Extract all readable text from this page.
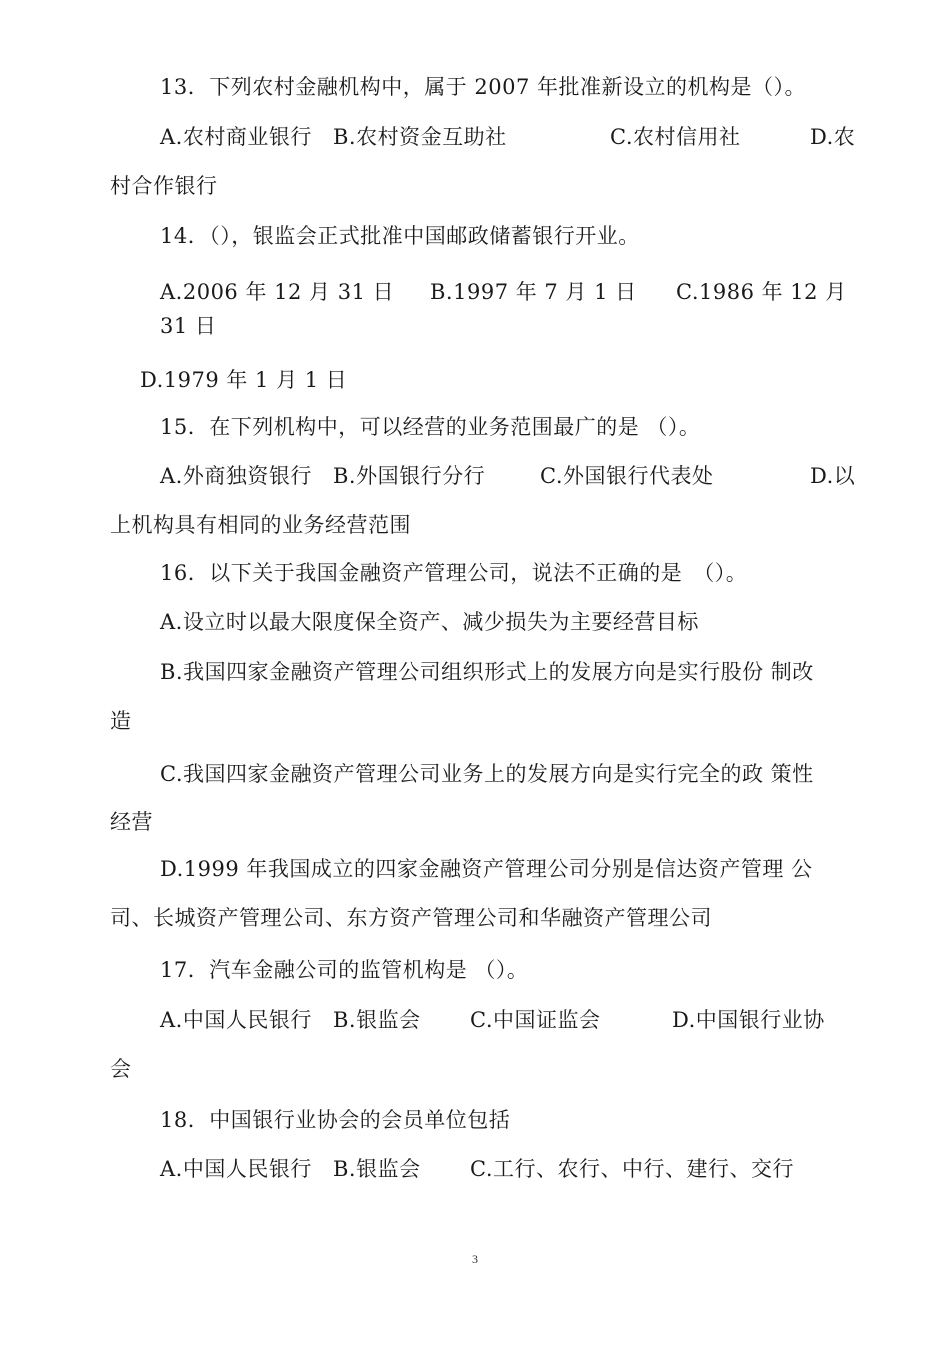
13．下列农村金融机构中，属于 2007 年批准新设立的机构是（）。
A.农村商业银行 B.农村资金互助社	C.农村信用社	D.农
村合作银行
14．（），银监会正式批准中国邮政储蓄银行开业。
A.2006 年 12 月 31 日 B.1997 年 7 月 1 日 C.1986 年 12 月
31 日
D.1979 年 1 月 1 日
15．在下列机构中，可以经营的业务范围最广的是 （）。
A.外商独资银行 B.外国银行分行	C.外国银行代表处	D.以
上机构具有相同的业务经营范围
16．以下关于我国金融资产管理公司，说法不正确的是　（）。
A.设立时以最大限度保全资产、减少损失为主要经营目标
B.我国四家金融资产管理公司组织形式上的发展方向是实行股份 制改
造
C.我国四家金融资产管理公司业务上的发展方向是实行完全的政 策性
经营
D.1999 年我国成立的四家金融资产管理公司分别是信达资产管理 公
司、长城资产管理公司、东方资产管理公司和华融资产管理公司
17．汽车金融公司的监管机构是 （）。
A.中国人民银行 B.银监会 C.中国证监会	D.中国银行业协
会
18．中国银行业协会的会员单位包括
A.中国人民银行 B.银监会 C.工行、农行、中行、建行、交行
3
